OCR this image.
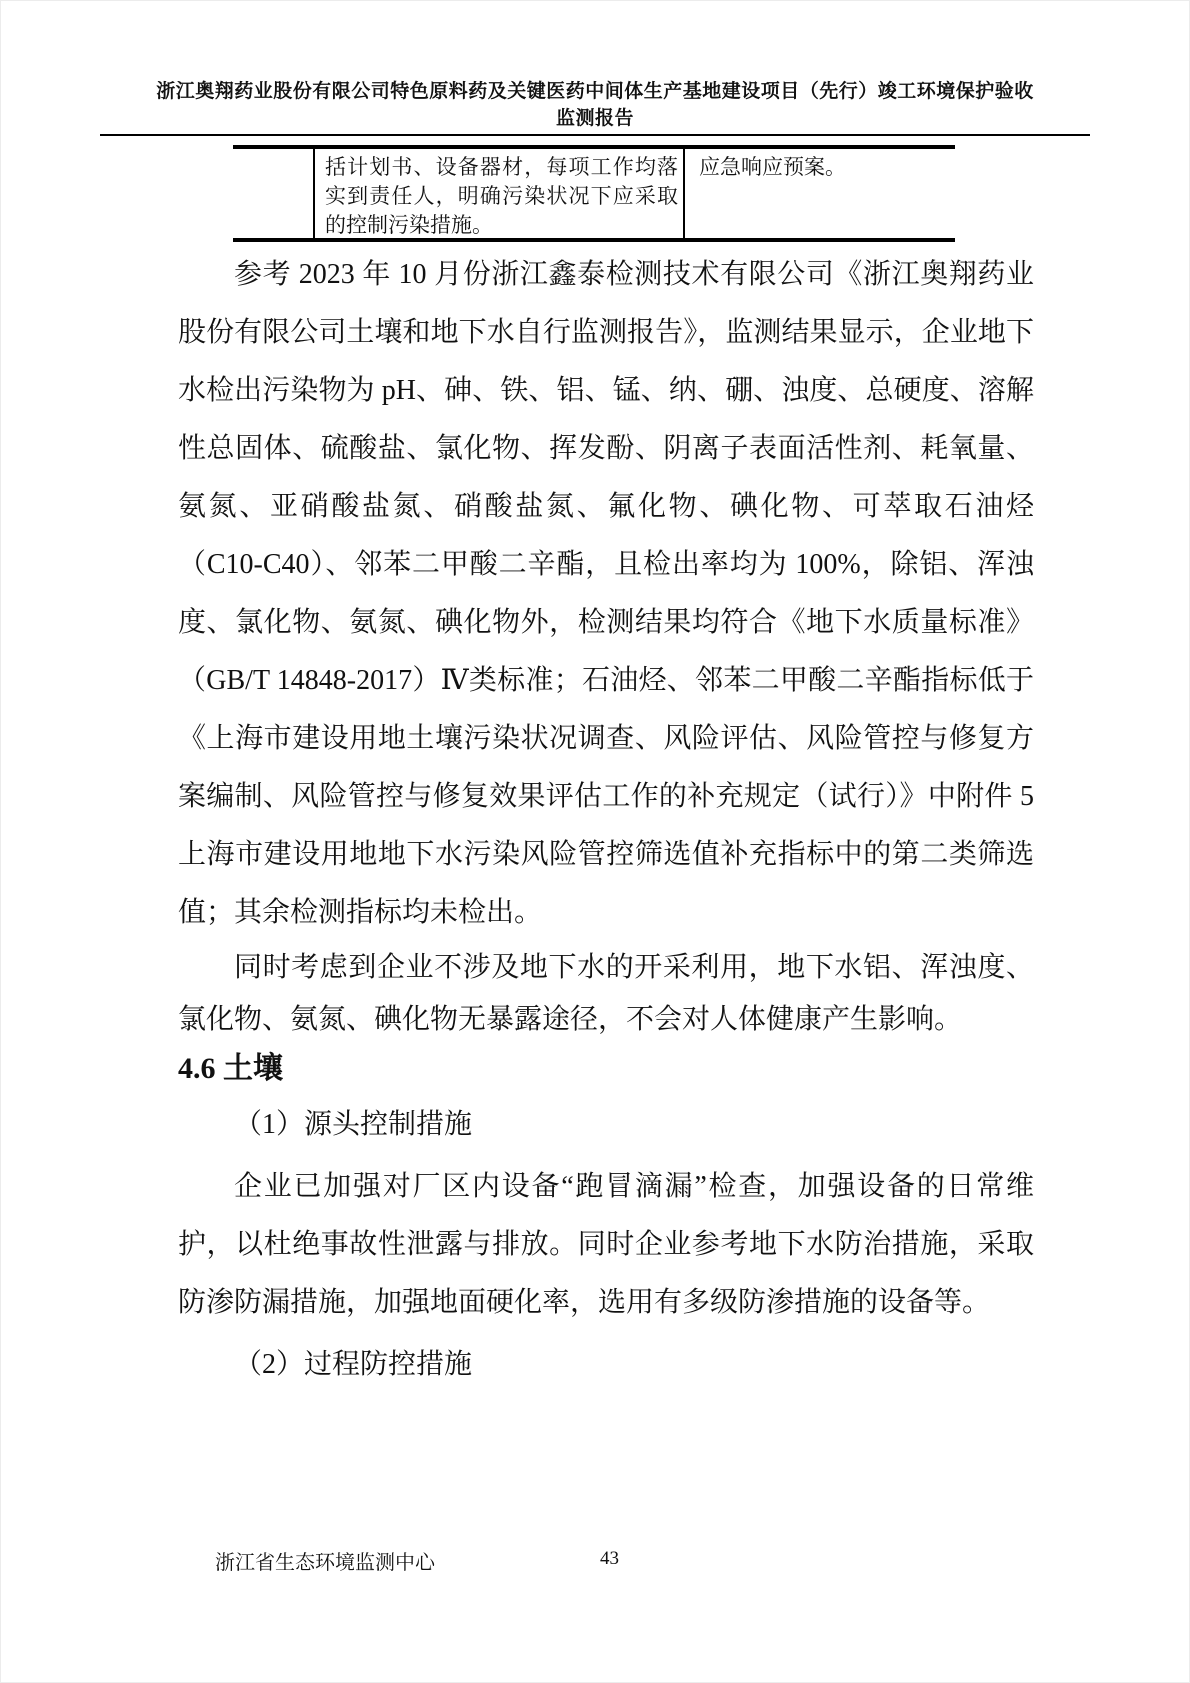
浙江奥翔药业股份有限公司特色原料药及关键医药中间体生产基地建设项目（先行）竣工环境保护验收监测报告
括计划书、设备器材，每项工作均落实到责任人，明确污染状况下应采取的控制污染措施。
应急响应预案。

参考 2023 年 10 月份浙江鑫泰检测技术有限公司《浙江奥翔药业股份有限公司土壤和地下水自行监测报告》，监测结果显示，企业地下水检出污染物为 pH、砷、铁、铝、锰、纳、硼、浊度、总硬度、溶解性总固体、硫酸盐、氯化物、挥发酚、阴离子表面活性剂、耗氧量、氨氮、亚硝酸盐氮、硝酸盐氮、氟化物、碘化物、可萃取石油烃（C10-C40）、邻苯二甲酸二辛酯，且检出率均为 100%，除铝、浑浊度、氯化物、氨氮、碘化物外，检测结果均符合《地下水质量标准》（GB/T 14848-2017）Ⅳ类标准；石油烃、邻苯二甲酸二辛酯指标低于《上海市建设用地土壤污染状况调查、风险评估、风险管控与修复方案编制、风险管控与修复效果评估工作的补充规定（试行）》中附件 5 上海市建设用地地下水污染风险管控筛选值补充指标中的第二类筛选值；其余检测指标均未检出。

同时考虑到企业不涉及地下水的开采利用，地下水铝、浑浊度、氯化物、氨氮、碘化物无暴露途径，不会对人体健康产生影响。

4.6 土壤

（1）源头控制措施

企业已加强对厂区内设备“跑冒滴漏”检查，加强设备的日常维护，以杜绝事故性泄露与排放。同时企业参考地下水防治措施，采取防渗防漏措施，加强地面硬化率，选用有多级防渗措施的设备等。

（2）过程防控措施

浙江省生态环境监测中心	43
